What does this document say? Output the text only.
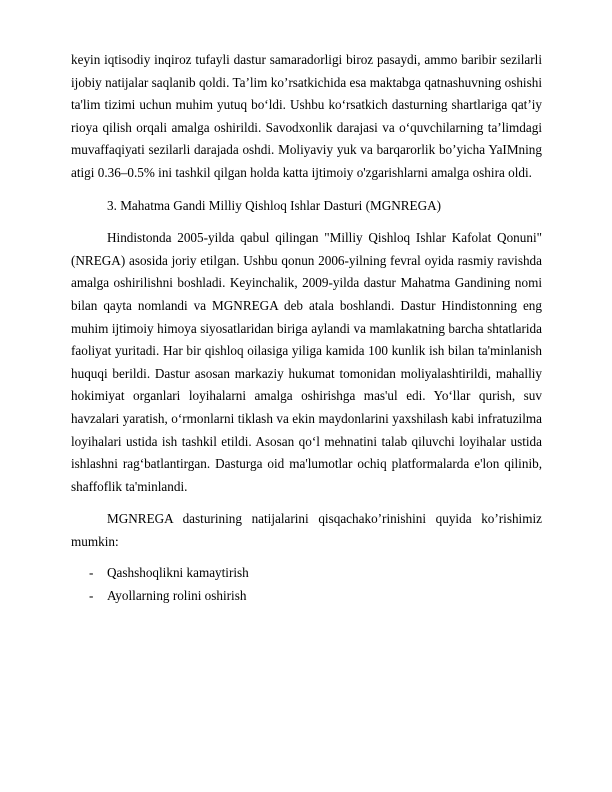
keyin iqtisodiy inqiroz tufayli dastur samaradorligi biroz pasaydi, ammo baribir sezilarli ijobiy natijalar saqlanib qoldi. Ta’lim ko’rsatkichida esa maktabga qatnashuvning oshishi ta'lim tizimi uchun muhim yutuq bo‘ldi. Ushbu ko‘rsatkich dasturning shartlariga qat’iy rioya qilish orqali amalga oshirildi. Savodxonlik darajasi va o‘quvchilarning ta’limdagi muvaffaqiyati sezilarli darajada oshdi. Moliyaviy yuk va barqarorlik bo’yicha YaIMning atigi 0.36–0.5% ini tashkil qilgan holda katta ijtimoiy o'zgarishlarni amalga oshira oldi.

3. Mahatma Gandi Milliy Qishloq Ishlar Dasturi (MGNREGA)

Hindistonda 2005-yilda qabul qilingan "Milliy Qishloq Ishlar Kafolat Qonuni" (NREGA) asosida joriy etilgan. Ushbu qonun 2006-yilning fevral oyida rasmiy ravishda amalga oshirilishni boshladi. Keyinchalik, 2009-yilda dastur Mahatma Gandining nomi bilan qayta nomlandi va MGNREGA deb atala boshlandi. Dastur Hindistonning eng muhim ijtimoiy himoya siyosatlaridan biriga aylandi va mamlakatning barcha shtatlarida faoliyat yuritadi. Har bir qishloq oilasiga yiliga kamida 100 kunlik ish bilan ta'minlanish huquqi berildi. Dastur asosan markaziy hukumat tomonidan moliyalashtirildi, mahalliy hokimiyat organlari loyihalarni amalga oshirishga mas'ul edi. Yo‘llar qurish, suv havzalari yaratish, o‘rmonlarni tiklash va ekin maydonlarini yaxshilash kabi infratuzilma loyihalari ustida ish tashkil etildi. Asosan qo‘l mehnatini talab qiluvchi loyihalar ustida ishlashni rag‘batlantirgan. Dasturga oid ma'lumotlar ochiq platformalarda e'lon qilinib, shaffoflik ta'minlandi.

MGNREGA dasturining natijalarini qisqachako’rinishini quyida ko’rishimiz mumkin:

- Qashshoqlikni kamaytirish
- Ayollarning rolini oshirish
